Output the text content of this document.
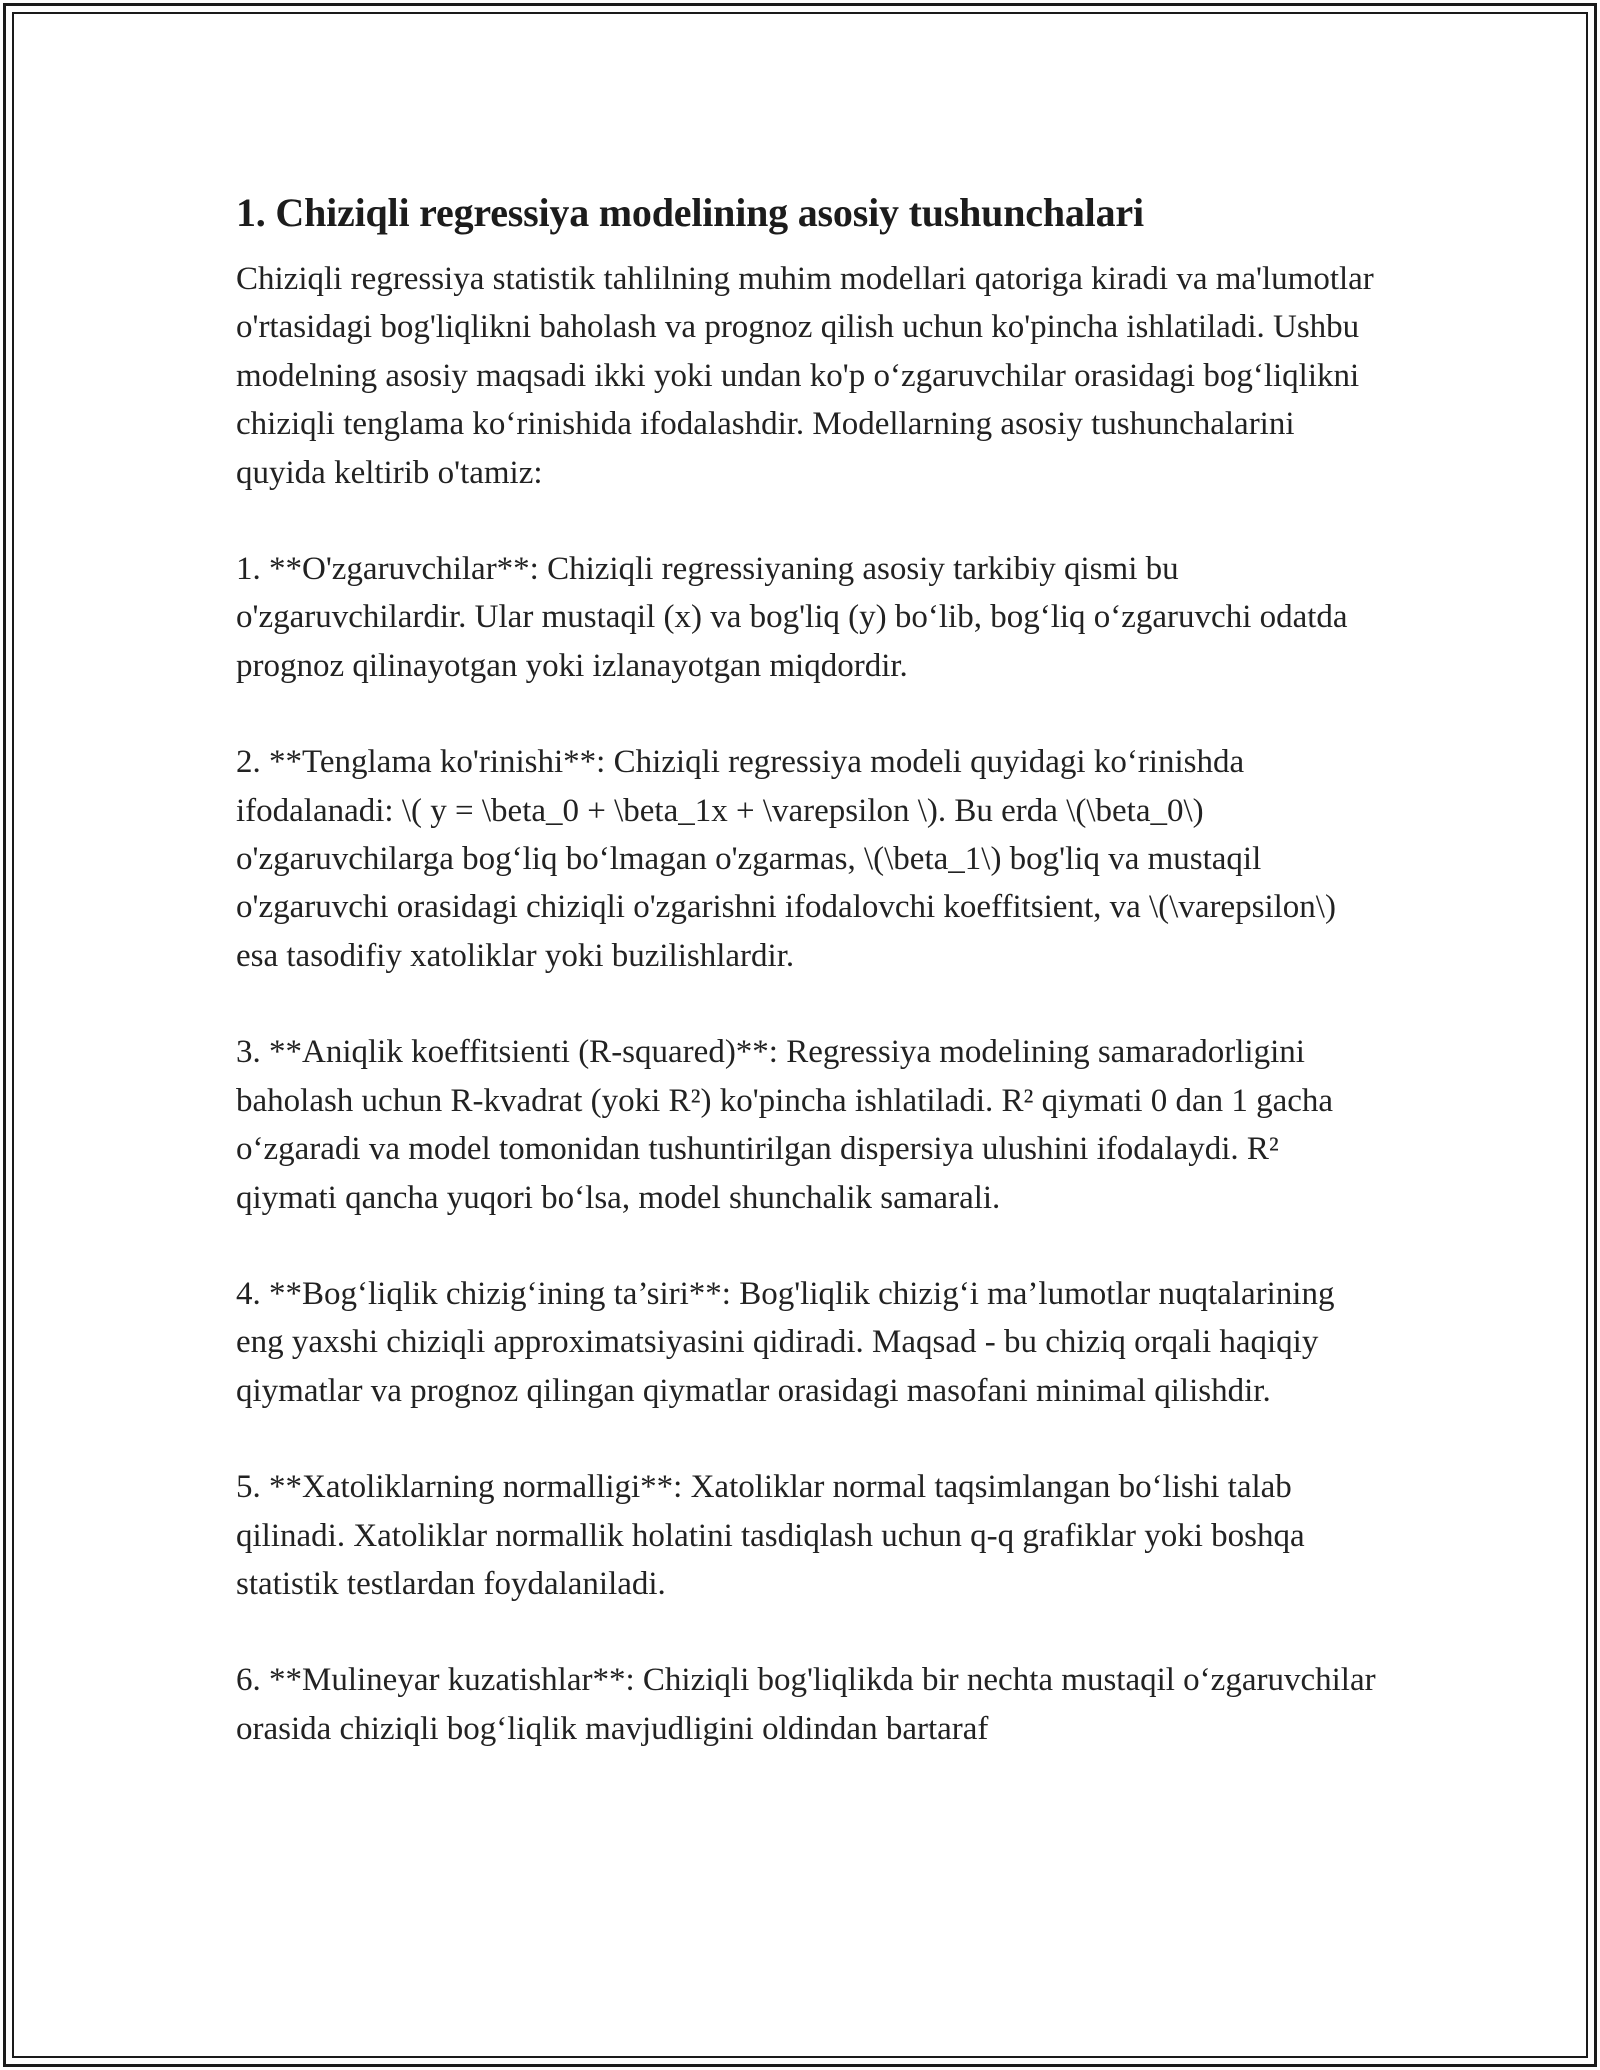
1. Chiziqli regressiya modelining asosiy tushunchalari

Chiziqli regressiya statistik tahlilning muhim modellari qatoriga kiradi va ma'lumotlar o'rtasidagi bog'liqlikni baholash va prognoz qilish uchun ko'pincha ishlatiladi. Ushbu modelning asosiy maqsadi ikki yoki undan ko'p o‘zgaruvchilar orasidagi bog‘liqlikni chiziqli tenglama ko‘rinishida ifodalashdir. Modellarning asosiy tushunchalarini quyida keltirib o'tamiz:

1. **O'zgaruvchilar**: Chiziqli regressiyaning asosiy tarkibiy qismi bu o'zgaruvchilardir. Ular mustaqil (x) va bog'liq (y) bo‘lib, bog‘liq o‘zgaruvchi odatda prognoz qilinayotgan yoki izlanayotgan miqdordir.

2. **Tenglama ko'rinishi**: Chiziqli regressiya modeli quyidagi ko‘rinishda ifodalanadi: \( y = \beta_0 + \beta_1x + \varepsilon \). Bu erda \(\beta_0\) o'zgaruvchilarga bog‘liq bo‘lmagan o'zgarmas, \(\beta_1\) bog'liq va mustaqil o'zgaruvchi orasidagi chiziqli o'zgarishni ifodalovchi koeffitsient, va \(\varepsilon\) esa tasodifiy xatoliklar yoki buzilishlardir.

3. **Aniqlik koeffitsienti (R-squared)**: Regressiya modelining samaradorligini baholash uchun R-kvadrat (yoki R²) ko'pincha ishlatiladi. R² qiymati 0 dan 1 gacha o‘zgaradi va model tomonidan tushuntirilgan dispersiya ulushini ifodalaydi. R² qiymati qancha yuqori bo‘lsa, model shunchalik samarali.

4. **Bog‘liqlik chizig‘ining ta’siri**: Bog'liqlik chizig‘i ma’lumotlar nuqtalarining eng yaxshi chiziqli approximatsiyasini qidiradi. Maqsad - bu chiziq orqali haqiqiy qiymatlar va prognoz qilingan qiymatlar orasidagi masofani minimal qilishdir.

5. **Xatoliklarning normalligi**: Xatoliklar normal taqsimlangan bo‘lishi talab qilinadi. Xatoliklar normallik holatini tasdiqlash uchun q-q grafiklar yoki boshqa statistik testlardan foydalaniladi.

6. **Mulineyar kuzatishlar**: Chiziqli bog'liqlikda bir nechta mustaqil o‘zgaruvchilar orasida chiziqli bog‘liqlik mavjudligini oldindan bartaraf
